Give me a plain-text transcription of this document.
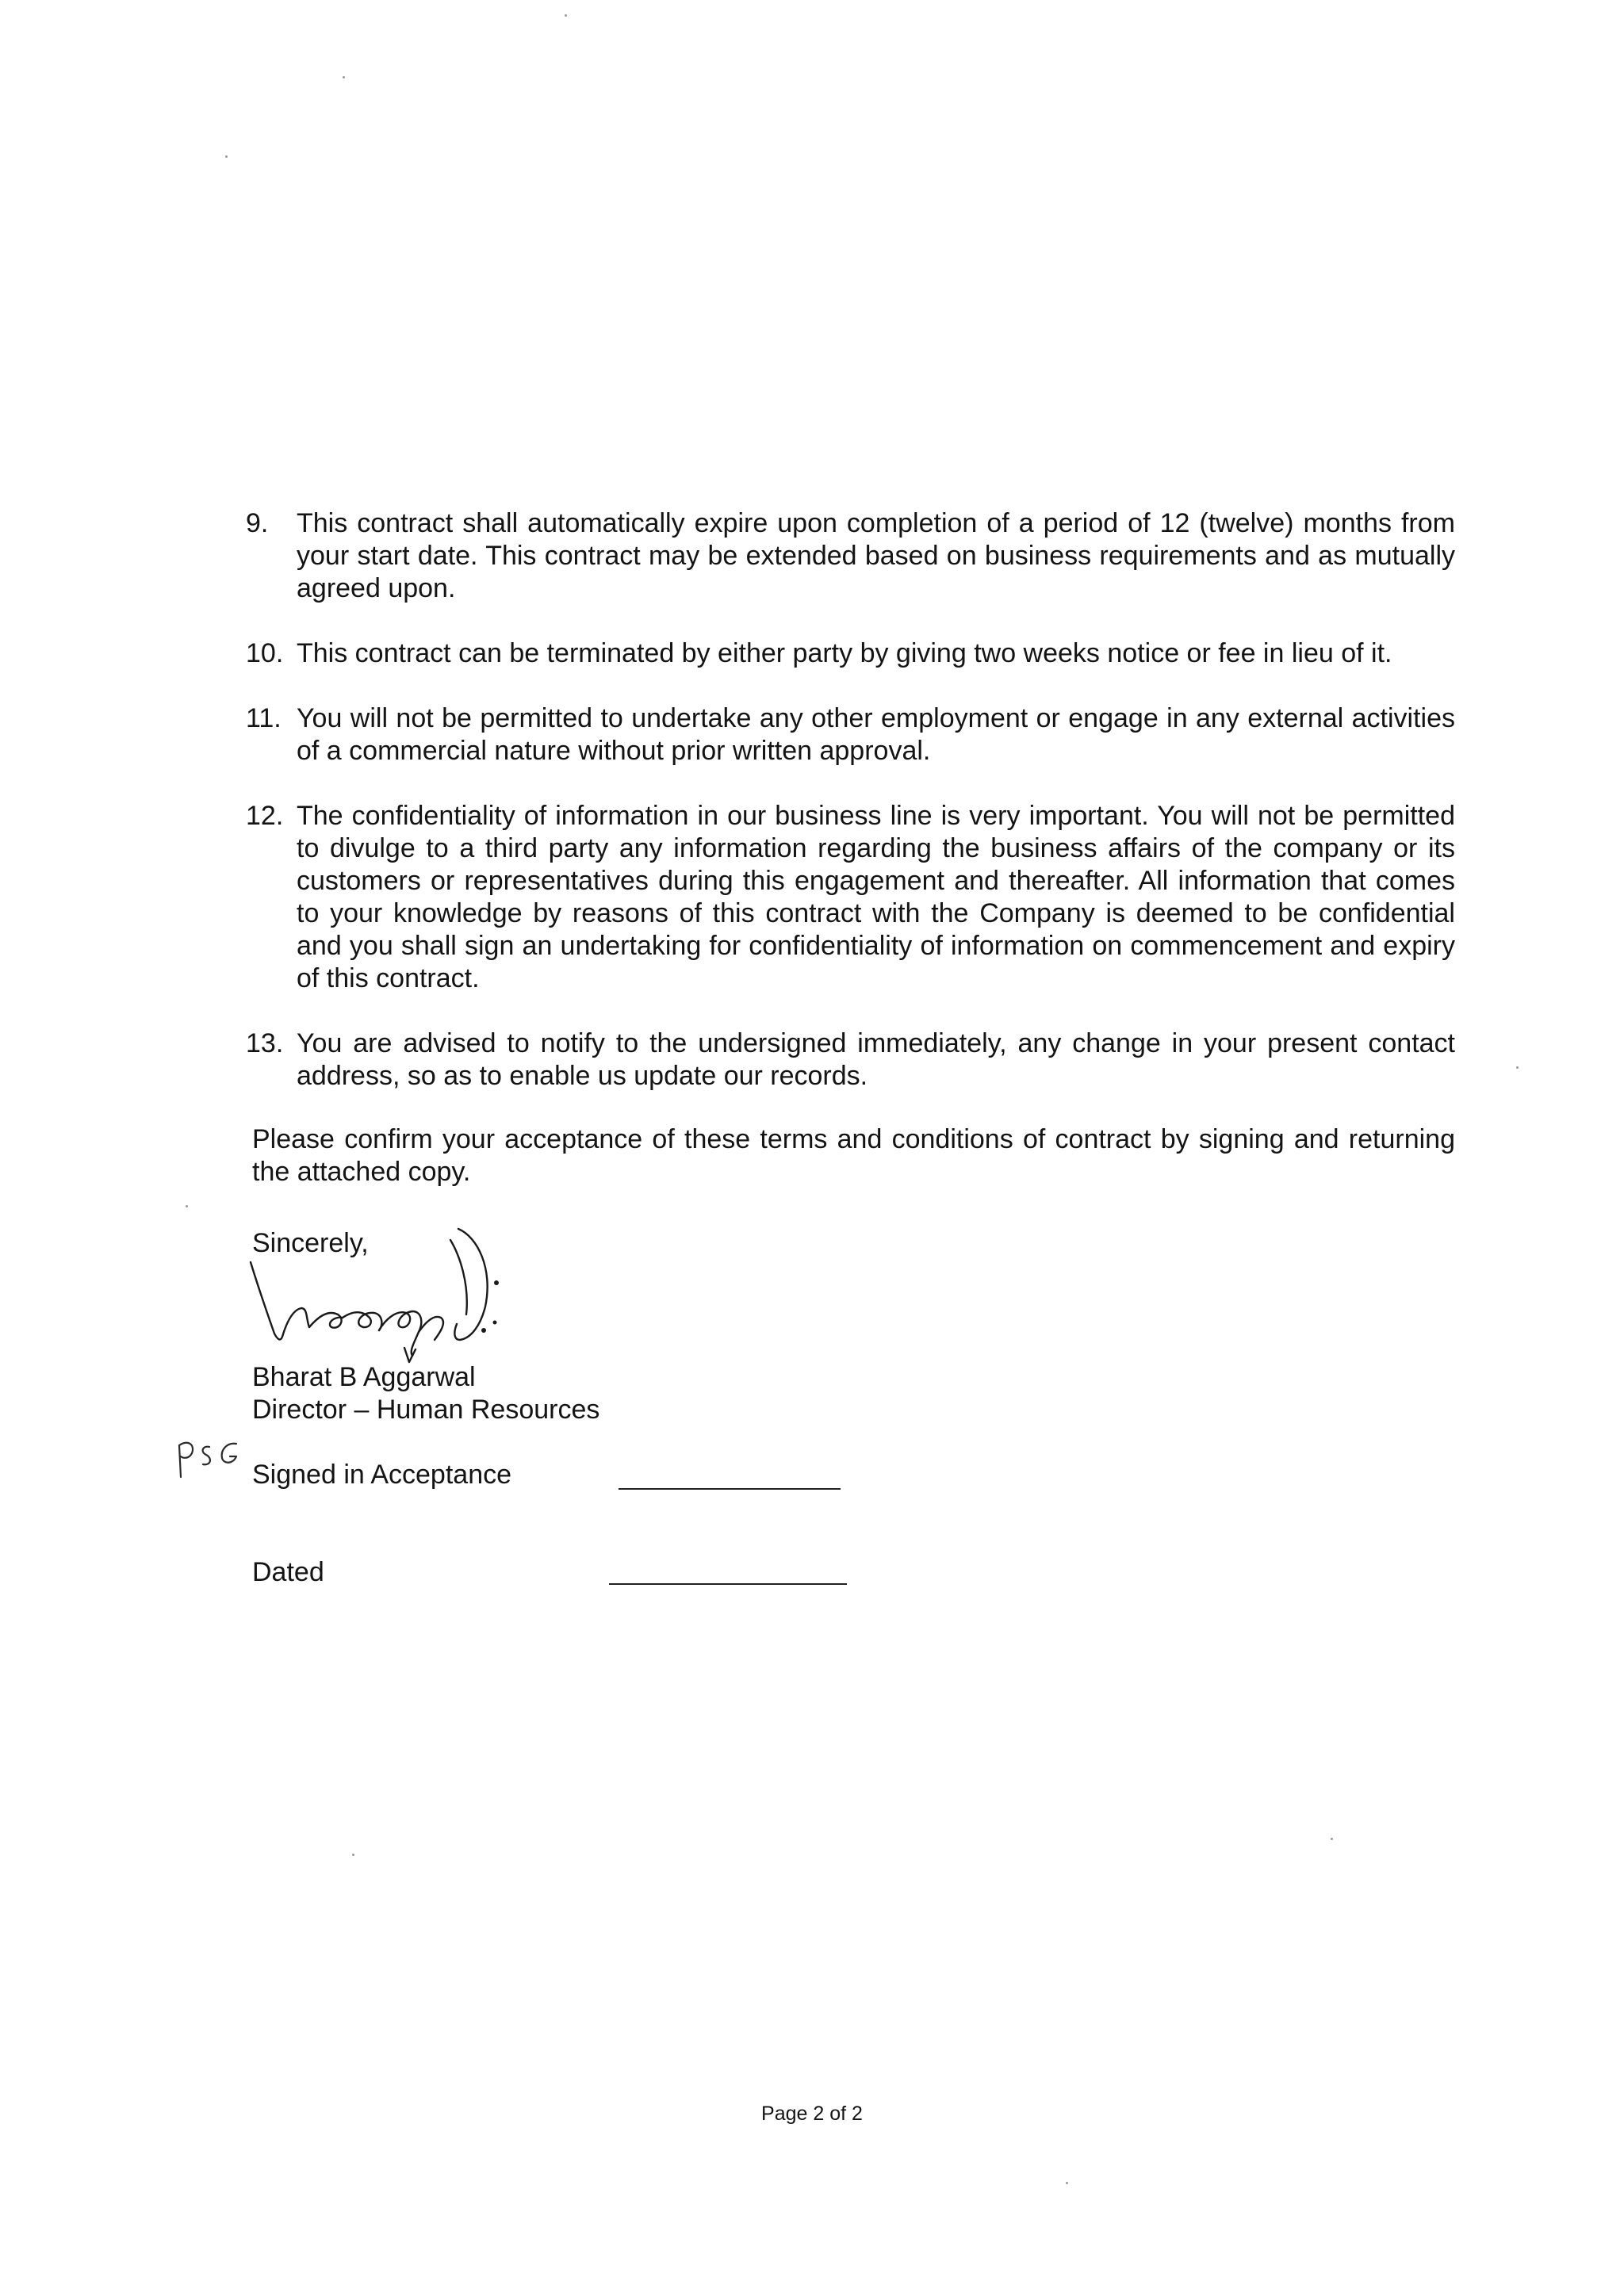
9. This contract shall automatically expire upon completion of a period of 12 (twelve) months from your start date. This contract may be extended based on business requirements and as mutually agreed upon.
10. This contract can be terminated by either party by giving two weeks notice or fee in lieu of it.
11. You will not be permitted to undertake any other employment or engage in any external activities of a commercial nature without prior written approval.
12. The confidentiality of information in our business line is very important. You will not be permitted to divulge to a third party any information regarding the business affairs of the company or its customers or representatives during this engagement and thereafter. All information that comes to your knowledge by reasons of this contract with the Company is deemed to be confidential and you shall sign an undertaking for confidentiality of information on commencement and expiry of this contract.
13. You are advised to notify to the undersigned immediately, any change in your present contact address, so as to enable us update our records.
Please confirm your acceptance of these terms and conditions of contract by signing and returning the attached copy.
Sincerely,
Bharat B Aggarwal
Director – Human Resources
Signed in Acceptance
Dated
Page 2 of 2
